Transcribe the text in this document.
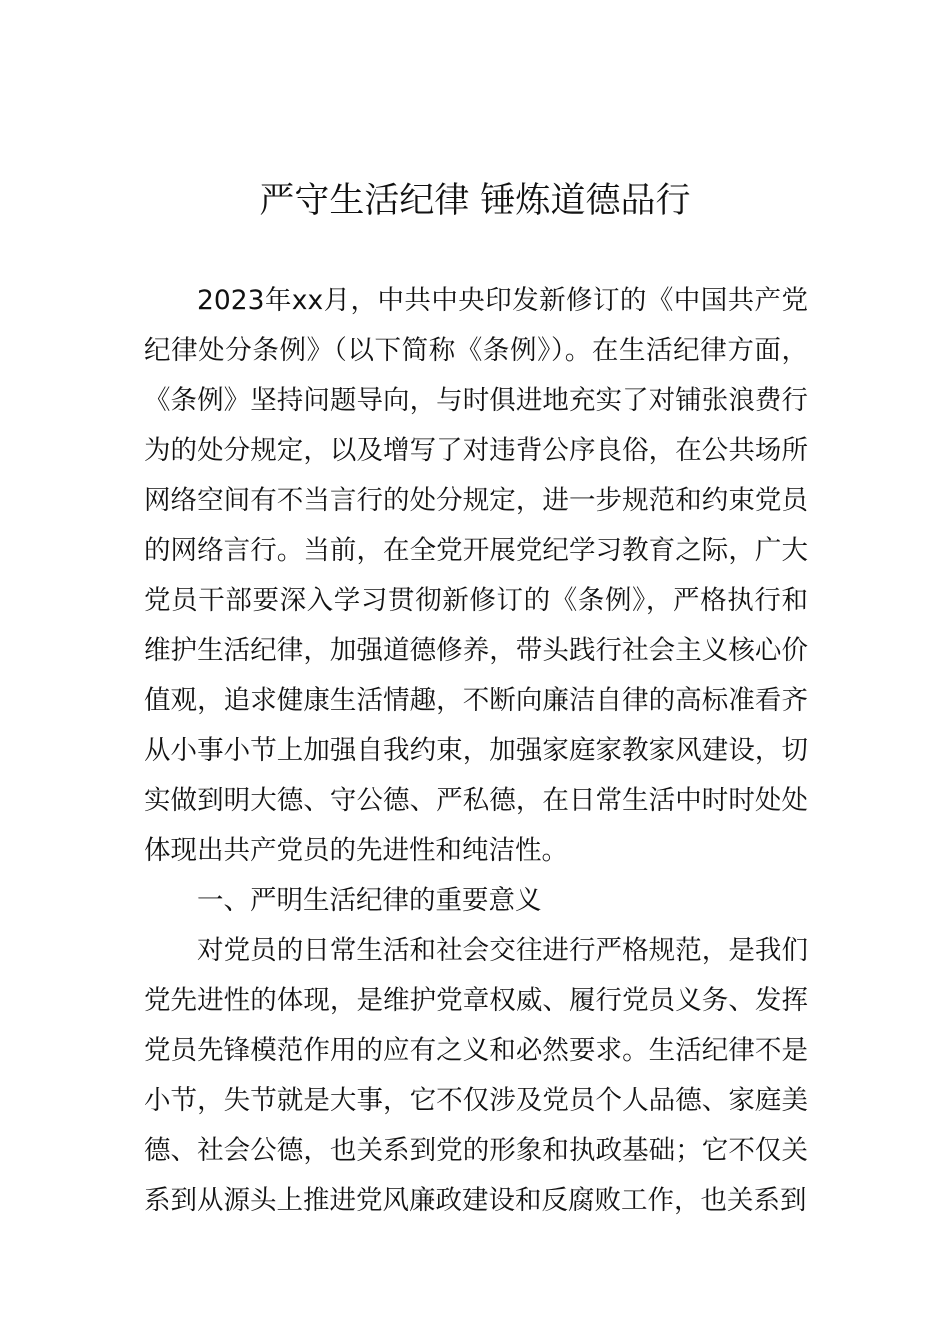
严守生活纪律 锤炼道德品行

2023年xx月，中共中央印发新修订的《中国共产党纪律处分条例》（以下简称《条例》）。在生活纪律方面，《条例》坚持问题导向，与时俱进地充实了对铺张浪费行为的处分规定，以及增写了对违背公序良俗，在公共场所网络空间有不当言行的处分规定，进一步规范和约束党员的网络言行。当前，在全党开展党纪学习教育之际，广大党员干部要深入学习贯彻新修订的《条例》，严格执行和维护生活纪律，加强道德修养，带头践行社会主义核心价值观，追求健康生活情趣，不断向廉洁自律的高标准看齐从小事小节上加强自我约束，加强家庭家教家风建设，切实做到明大德、守公德、严私德，在日常生活中时时处处体现出共产党员的先进性和纯洁性。

一、严明生活纪律的重要意义

对党员的日常生活和社会交往进行严格规范，是我们党先进性的体现，是维护党章权威、履行党员义务、发挥党员先锋模范作用的应有之义和必然要求。生活纪律不是小节，失节就是大事，它不仅涉及党员个人品德、家庭美德、社会公德，也关系到党的形象和执政基础；它不仅关系到从源头上推进党风廉政建设和反腐败工作，也关系到
